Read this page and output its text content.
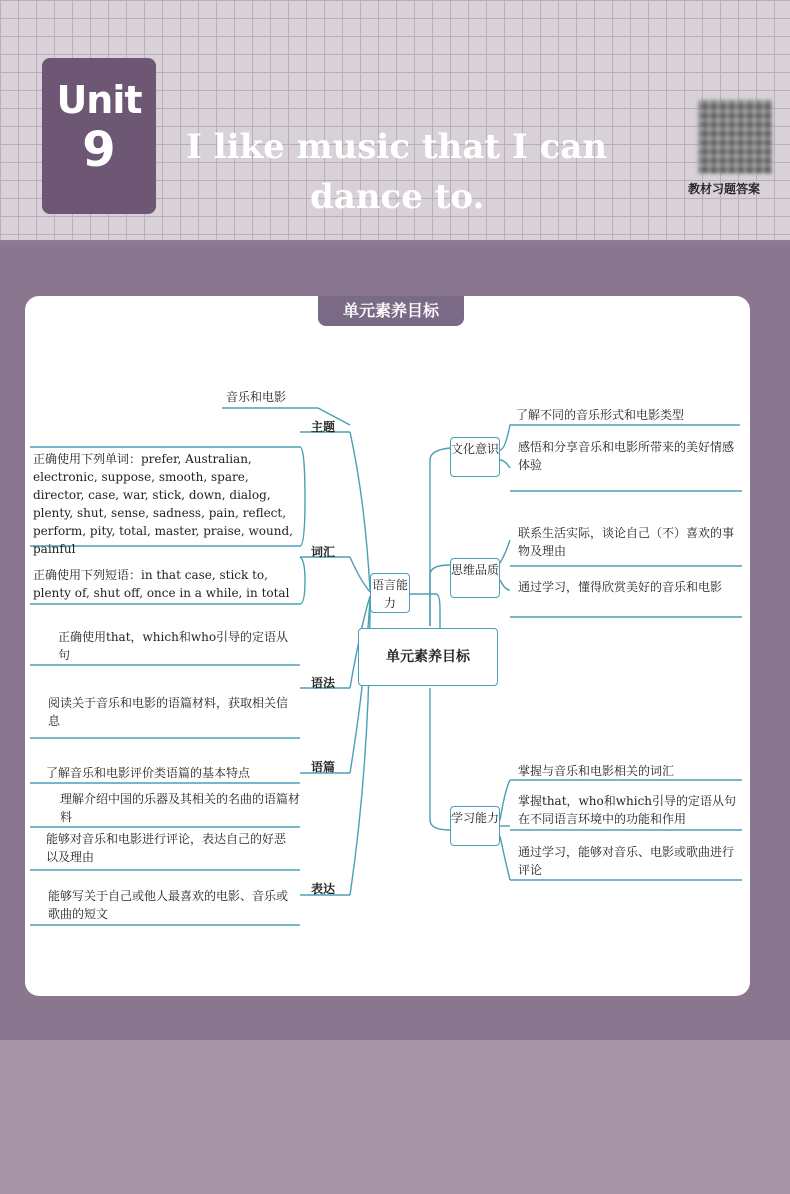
Unit
9	I like music that I can
dance to.	教材习题答案
单元素养目标
音乐和电影
主题
正确使用下列单词：prefer, Australian, electronic, suppose, smooth, spare, director, case, war, stick, down, dialog, plenty, shut, sense, sadness, pain, reflect, perform, pity, total, master, praise, wound, painful
正确使用下列短语：in that case, stick to, plenty of, shut off, once in a while, in total
词汇
正确使用that，which和who引导的定语从句
语法
阅读关于音乐和电影的语篇材料，获取相关信息
了解音乐和电影评价类语篇的基本特点
理解介绍中国的乐器及其相关的名曲的语篇材料
语篇
能够对音乐和电影进行评论，表达自己的好恶以及理由
能够写关于自己或他人最喜欢的电影、音乐或歌曲的短文
表达
语言能力
单元素养目标
文化意识
思维品质
学习能力
了解不同的音乐形式和电影类型
感悟和分享音乐和电影所带来的美好情感体验
联系生活实际，谈论自己（不）喜欢的事物及理由
通过学习，懂得欣赏美好的音乐和电影
掌握与音乐和电影相关的词汇
掌握that，who和which引导的定语从句在不同语言环境中的功能和作用
通过学习，能够对音乐、电影或歌曲进行评论
